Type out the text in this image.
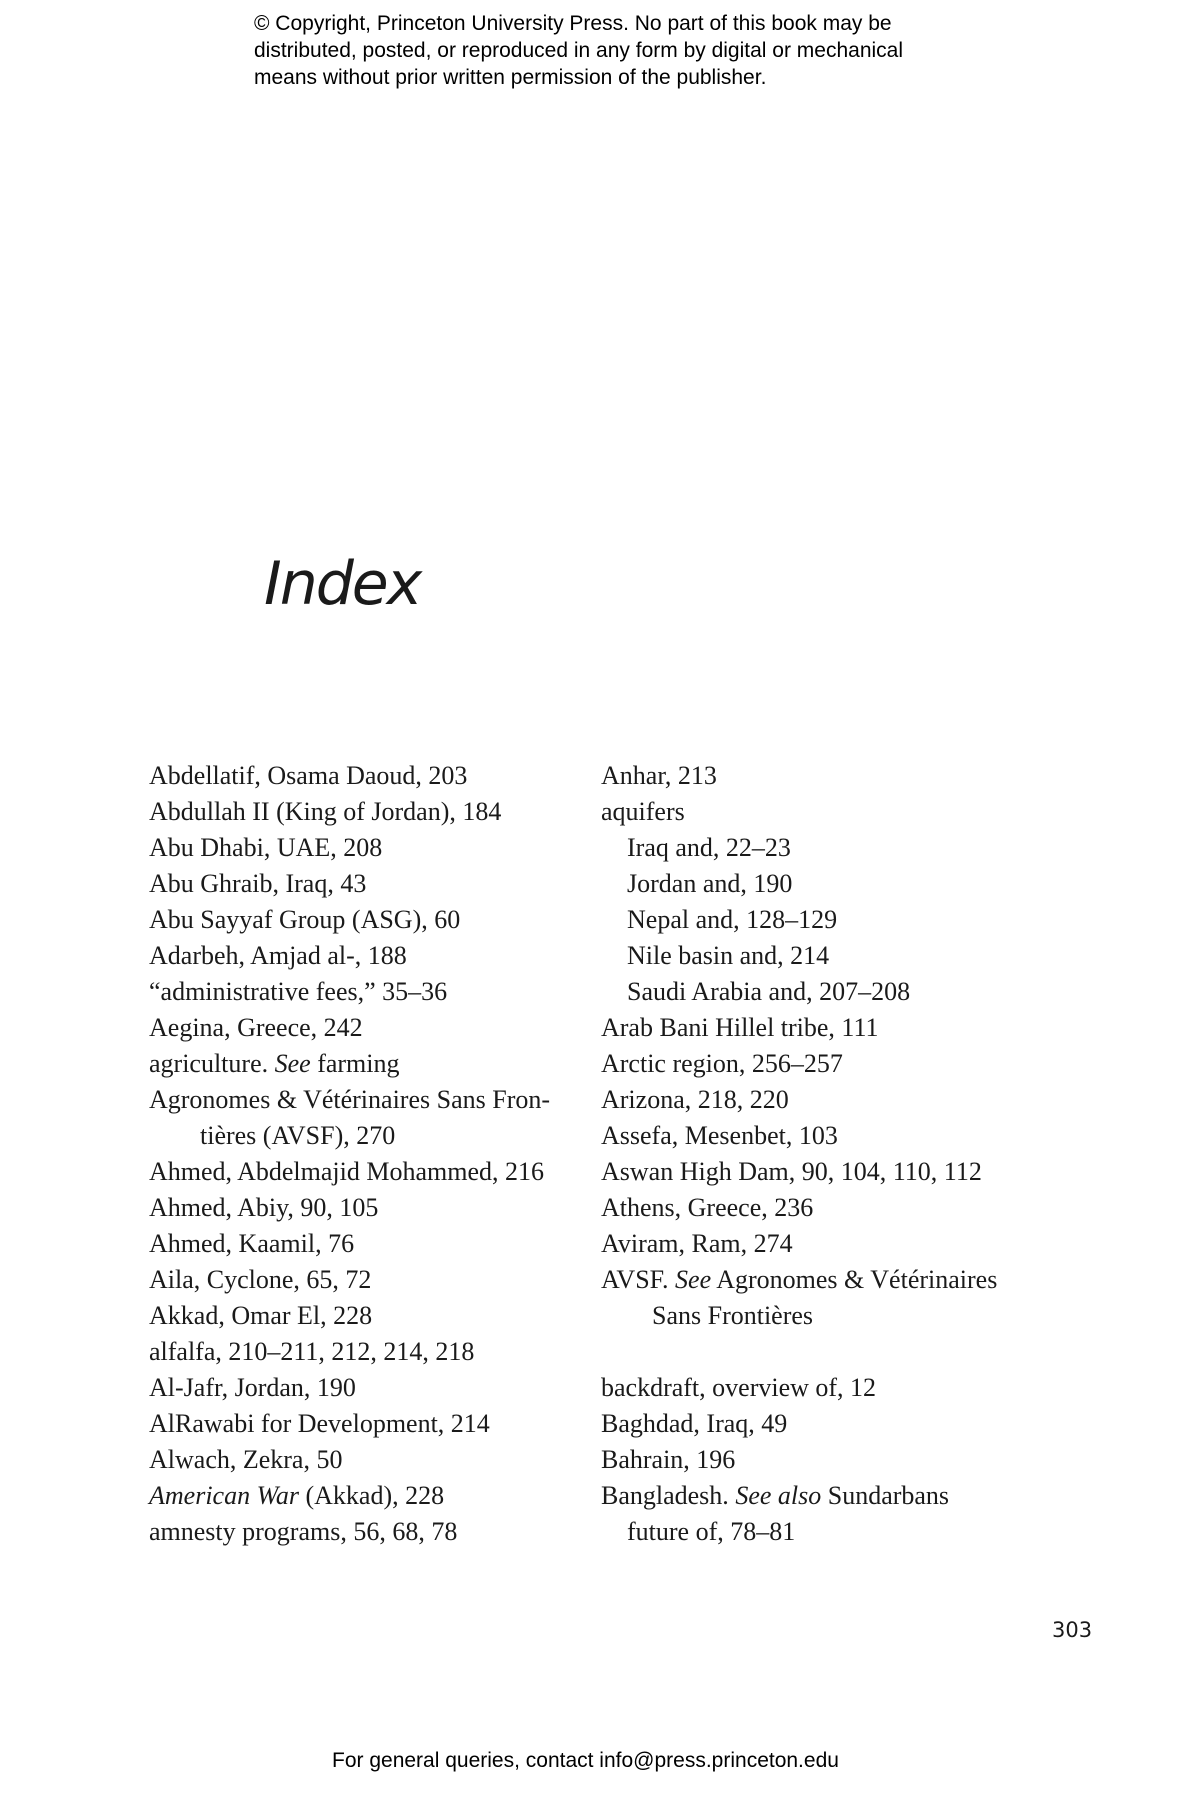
© Copyright, Princeton University Press. No part of this book may be
distributed, posted, or reproduced in any form by digital or mechanical
means without prior written permission of the publisher.
Index
Abdellatif, Osama Daoud, 203
Abdullah II (King of Jordan), 184
Abu Dhabi, UAE, 208
Abu Ghraib, Iraq, 43
Abu Sayyaf Group (ASG), 60
Adarbeh, Amjad al-, 188
“administrative fees,” 35–36
Aegina, Greece, 242
agriculture. See farming
Agronomes & Vétérinaires Sans Fron-
tières (AVSF), 270
Ahmed, Abdelmajid Mohammed, 216
Ahmed, Abiy, 90, 105
Ahmed, Kaamil, 76
Aila, Cyclone, 65, 72
Akkad, Omar El, 228
alfalfa, 210–211, 212, 214, 218
Al-Jafr, Jordan, 190
AlRawabi for Development, 214
Alwach, Zekra, 50
American War (Akkad), 228
amnesty programs, 56, 68, 78
Anhar, 213
aquifers
Iraq and, 22–23
Jordan and, 190
Nepal and, 128–129
Nile basin and, 214
Saudi Arabia and, 207–208
Arab Bani Hillel tribe, 111
Arctic region, 256–257
Arizona, 218, 220
Assefa, Mesenbet, 103
Aswan High Dam, 90, 104, 110, 112
Athens, Greece, 236
Aviram, Ram, 274
AVSF. See Agronomes & Vétérinaires
Sans Frontières
backdraft, overview of, 12
Baghdad, Iraq, 49
Bahrain, 196
Bangladesh. See also Sundarbans
future of, 78–81
303
For general queries, contact info@press.princeton.edu
